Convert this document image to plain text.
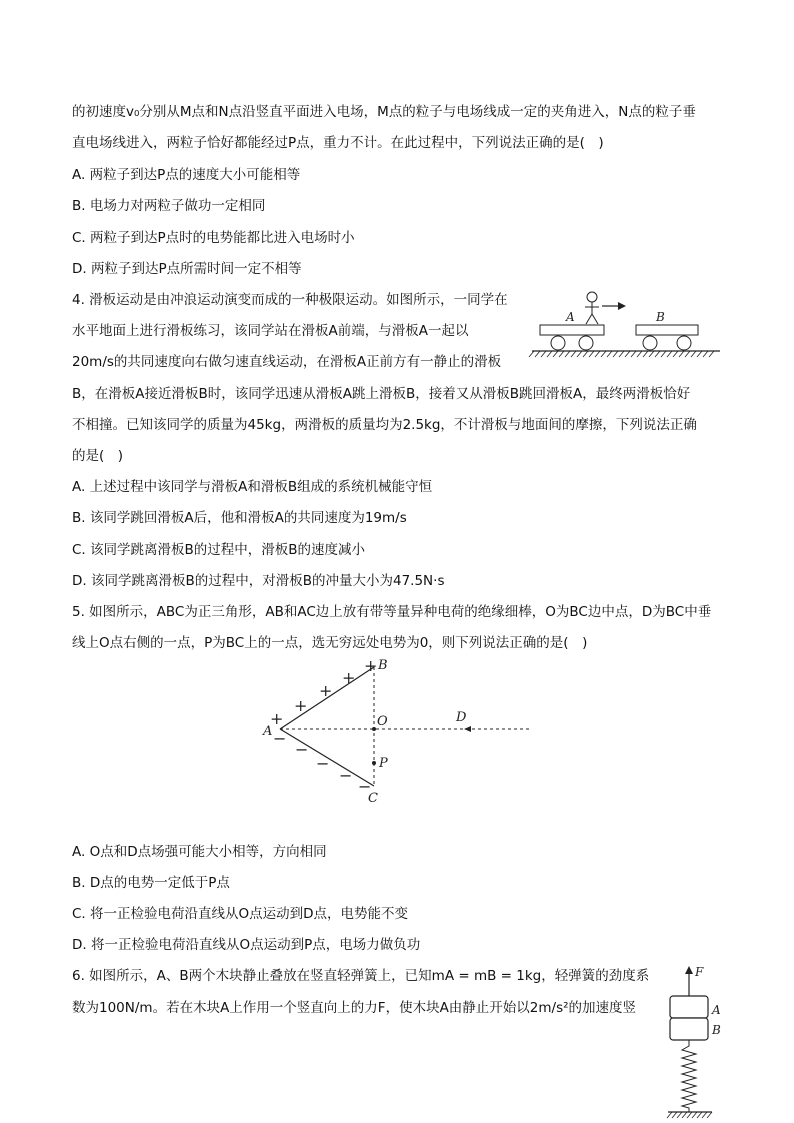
的初速度v₀分别从M点和N点沿竖直平面进入电场，M点的粒子与电场线成一定的夹角进入，N点的粒子垂
直电场线进入，两粒子恰好都能经过P点，重力不计。在此过程中，下列说法正确的是(　)
A. 两粒子到达P点的速度大小可能相等
B. 电场力对两粒子做功一定相同
C. 两粒子到达P点时的电势能都比进入电场时小
D. 两粒子到达P点所需时间一定不相等
4. 滑板运动是由冲浪运动演变而成的一种极限运动。如图所示，一同学在
水平地面上进行滑板练习，该同学站在滑板A前端，与滑板A一起以
20m/s的共同速度向右做匀速直线运动，在滑板A正前方有一静止的滑板
B，在滑板A接近滑板B时，该同学迅速从滑板A跳上滑板B，接着又从滑板B跳回滑板A，最终两滑板恰好
不相撞。已知该同学的质量为45kg，两滑板的质量均为2.5kg，不计滑板与地面间的摩擦，下列说法正确
的是(　)
A. 上述过程中该同学与滑板A和滑板B组成的系统机械能守恒
B. 该同学跳回滑板A后，他和滑板A的共同速度为19m/s
C. 该同学跳离滑板B的过程中，滑板B的速度减小
D. 该同学跳离滑板B的过程中，对滑板B的冲量大小为47.5N·s
A	B
5. 如图所示，ABC为正三角形，AB和AC边上放有带等量异种电荷的绝缘细棒，O为BC边中点，D为BC中垂
线上O点右侧的一点，P为BC上的一点，选无穷远处电势为0，则下列说法正确的是(　)
A
B
C
O	D
P
+
+
+
+
+
−
−
−
−
−
A. O点和D点场强可能大小相等，方向相同
B. D点的电势一定低于P点
C. 将一正检验电荷沿直线从O点运动到D点，电势能不变
D. 将一正检验电荷沿直线从O点运动到P点，电场力做负功
6. 如图所示，A、B两个木块静止叠放在竖直轻弹簧上，已知mA = mB = 1kg，轻弹簧的劲度系
数为100N/m。若在木块A上作用一个竖直向上的力F，使木块A由静止开始以2m/s²的加速度竖
F
A
B
